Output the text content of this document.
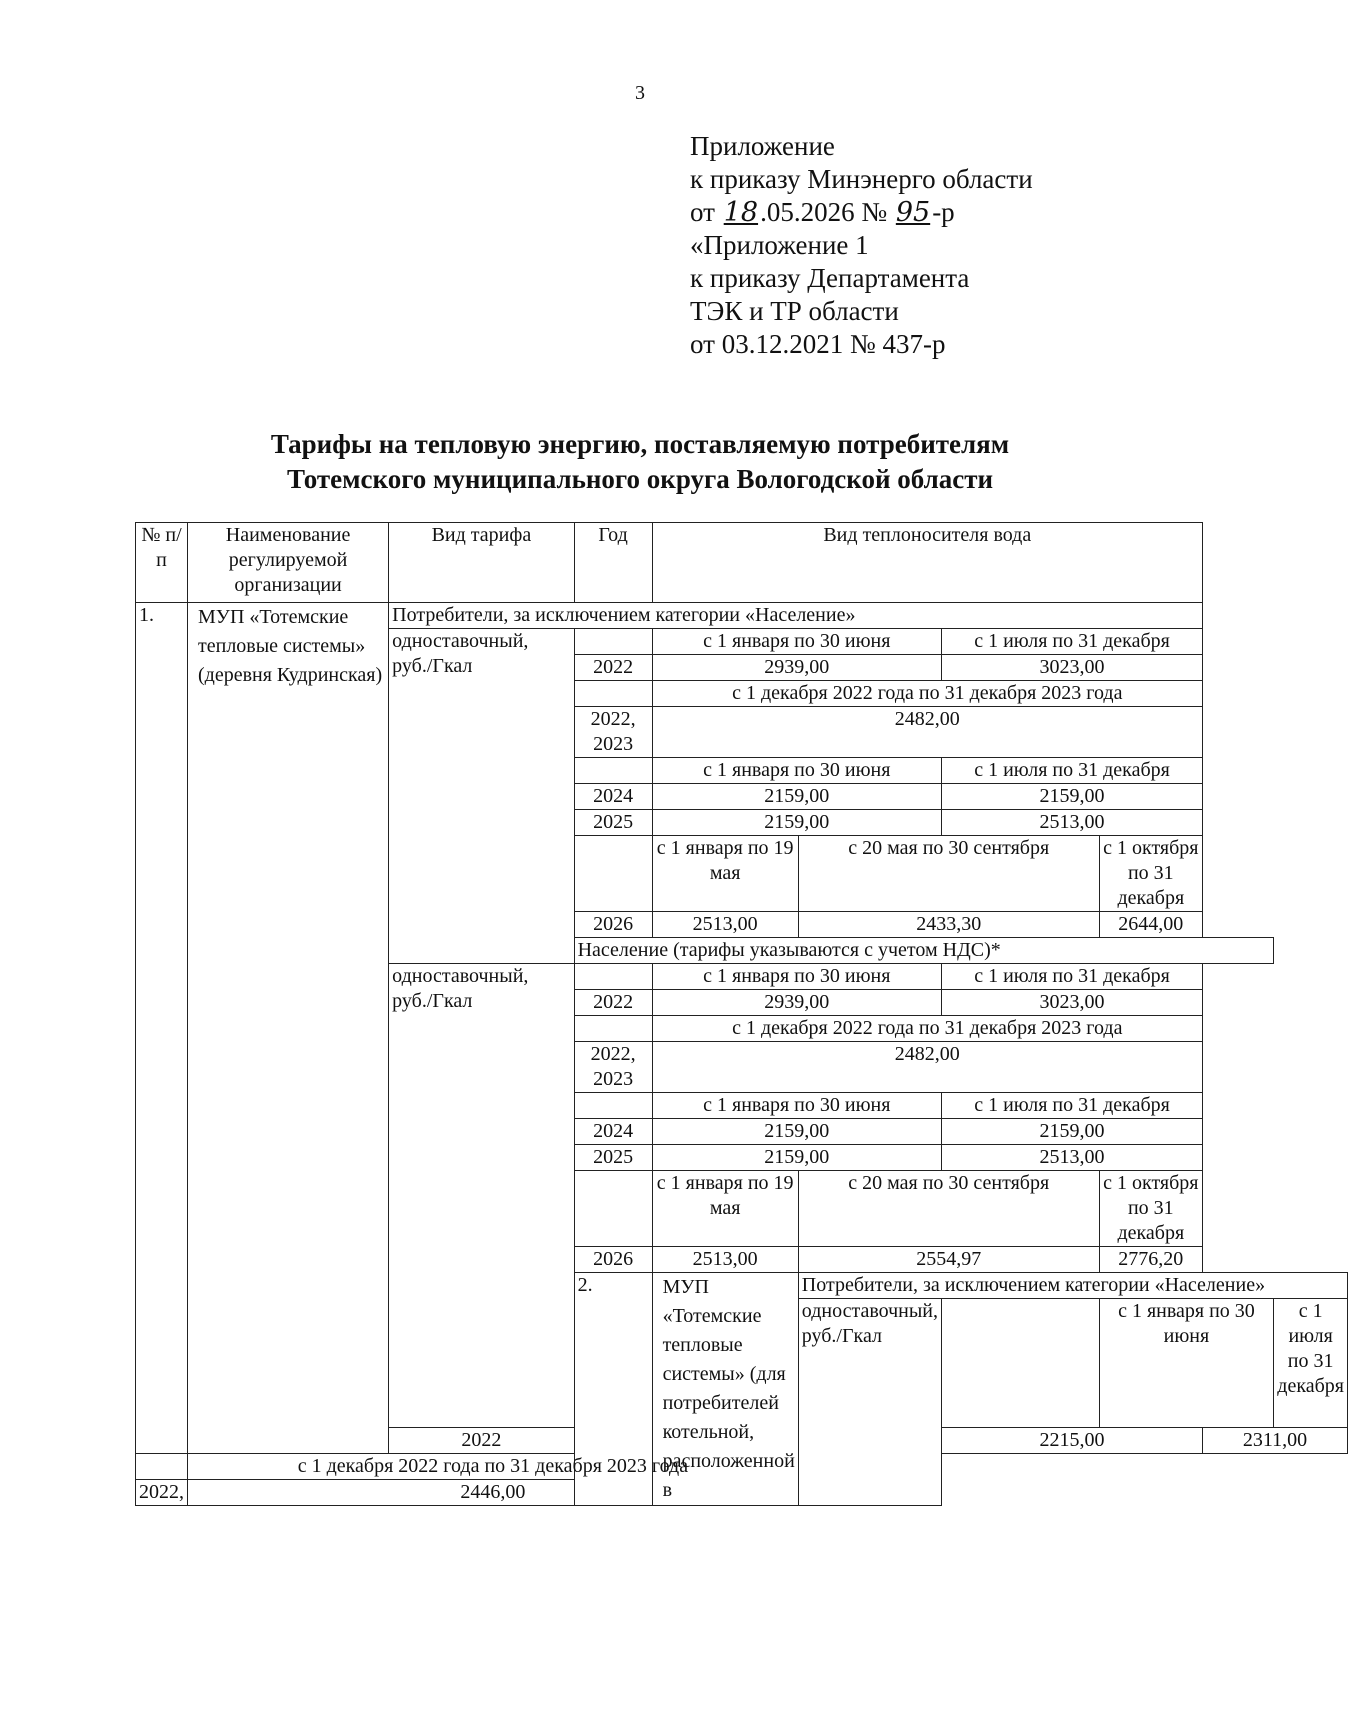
3
Приложение
к приказу Минэнерго области
от 18.05.2026 № 95-р
«Приложение 1
к приказу Департамента
ТЭК и ТР области
от 03.12.2021 № 437-р
Тарифы на тепловую энергию, поставляемую потребителям
Тотемского муниципального округа Вологодской области
№ п/п	Наименование регулируемой организации	Вид тарифа	Год	Вид теплоносителя вода					
1.	МУП «Тотемские тепловые системы» (деревня Кудринская)	Потребители, за исключением категории «Население»							
		одноставочный, руб./Гкал		с 1 января по 30 июня		с 1 июля по 31 декабря			
			2022	2939,00		3023,00			
				с 1 декабря 2022 года по 31 декабря 2023 года					
			2022, 2023	2482,00					
				с 1 января по 30 июня		с 1 июля по 31 декабря			
			2024	2159,00		2159,00			
			2025	2159,00		2513,00			
				с 1 января по 19 мая	с 20 мая по 30 сентября		с 1 октября по 31 декабря		
			2026	2513,00	2433,30		2644,00		
			Население (тарифы указываются с учетом НДС)*						
		одноставочный, руб./Гкал		с 1 января по 30 июня		с 1 июля по 31 декабря			
			2022	2939,00		3023,00			
				с 1 декабря 2022 года по 31 декабря 2023 года					
			2022, 2023	2482,00					
				с 1 января по 30 июня		с 1 июля по 31 декабря			
			2024	2159,00		2159,00			
			2025	2159,00		2513,00			
				с 1 января по 19 мая	с 20 мая по 30 сентября		с 1 октября по 31 декабря		
			2026	2513,00	2554,97		2776,20		
			2.	МУП «Тотемские тепловые системы» (для потребителей котельной, расположенной в	Потребители, за исключением категории «Население»				
					одноставочный, руб./Гкал		с 1 января по 30 июня		с 1 июля по 31 декабря
		2022				2215,00		2311,00	
	с 1 декабря 2022 года по 31 декабря 2023 года								
2022,	2446,00								
